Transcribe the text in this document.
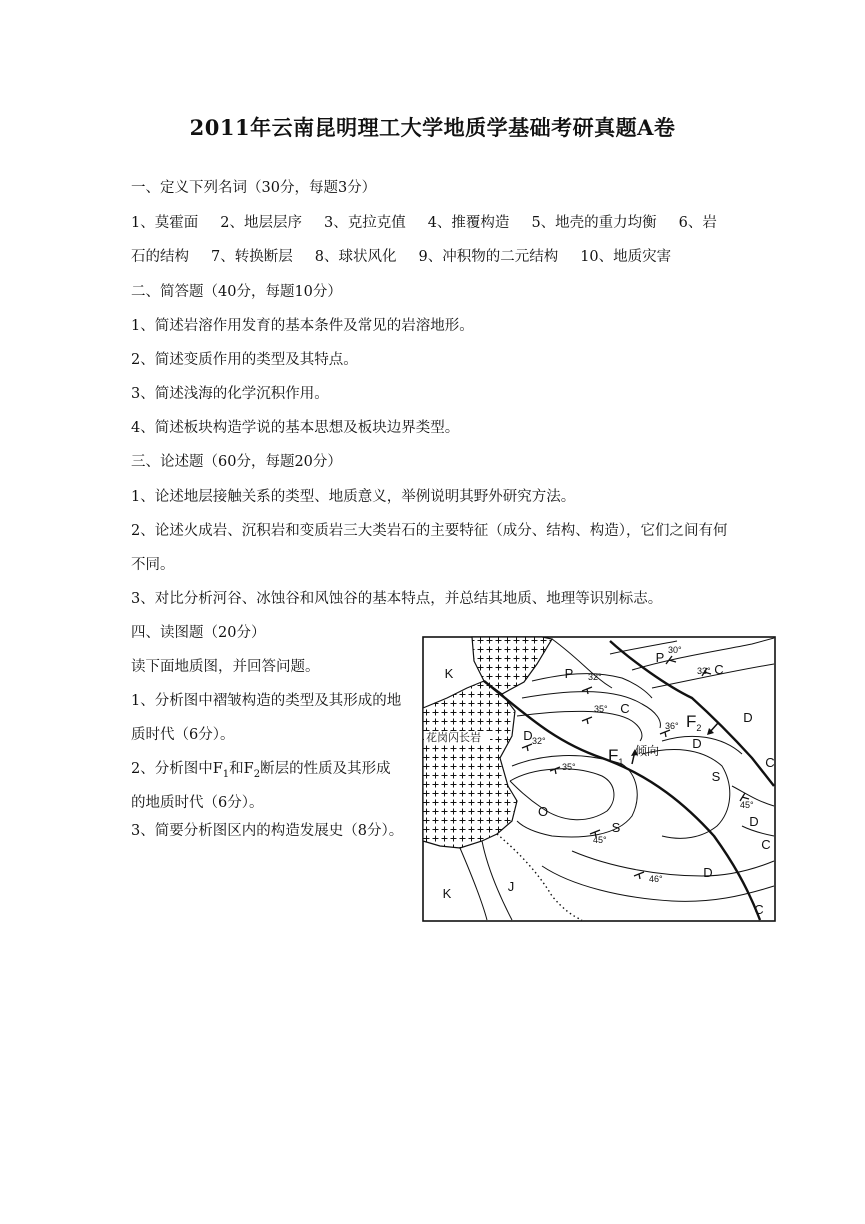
2011年云南昆明理工大学地质学基础考研真题A卷
一、定义下列名词（30分，每题3分）
1、莫霍面 2、地层层序 3、克拉克值 4、推覆构造 5、地壳的重力均衡 6、岩
石的结构 7、转换断层 8、球状风化 9、冲积物的二元结构 10、地质灾害
二、简答题（40分，每题10分）
1、简述岩溶作用发育的基本条件及常见的岩溶地形。
2、简述变质作用的类型及其特点。
3、简述浅海的化学沉积作用。
4、简述板块构造学说的基本思想及板块边界类型。
三、论述题（60分，每题20分）
1、论述地层接触关系的类型、地质意义，举例说明其野外研究方法。
2、论述火成岩、沉积岩和变质岩三大类岩石的主要特征（成分、结构、构造），它们之间有何
不同。
3、对比分析河谷、冰蚀谷和风蚀谷的基本特点，并总结其地质、地理等识别标志。
四、读图题（20分）
读下面地质图，并回答问题。
1、分析图中褶皱构造的类型及其形成的地
质时代（6分）。
2、分析图中$F_1$和$F_2$断层的性质及其形成
的地质时代（6分）。
3、简要分析图区内的构造发展史（8分）。
K
P
P	C
C
D
D
D
D
D
C
S
S
O
K	J
C
C
花岗闪长岩
30°
32°
33°
35°
36°
32°
35°
45°
45°
46°
$F_1$
$F_2$
倾向
